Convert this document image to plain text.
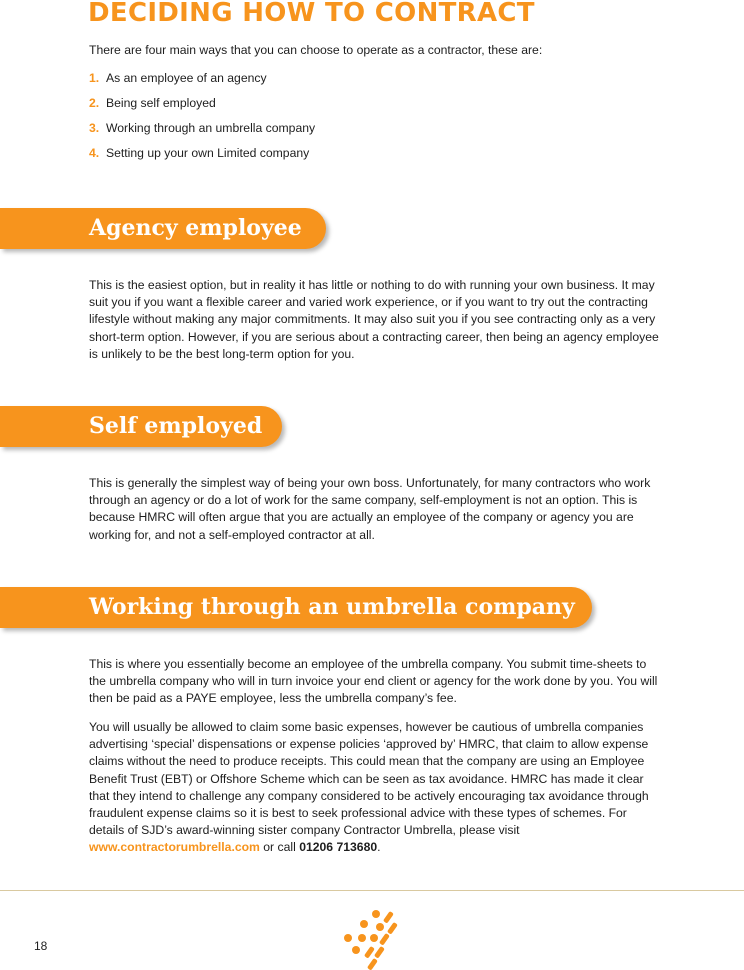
DECIDING HOW TO CONTRACT

There are four main ways that you can choose to operate as a contractor, these are:

1. As an employee of an agency
2. Being self employed
3. Working through an umbrella company
4. Setting up your own Limited company
Agency employee

This is the easiest option, but in reality it has little or nothing to do with running your own business. It may suit you if you want a flexible career and varied work experience, or if you want to try out the contracting lifestyle without making any major commitments. It may also suit you if you see contracting only as a very short-term option. However, if you are serious about a contracting career, then being an agency employee is unlikely to be the best long-term option for you.

Self employed

This is generally the simplest way of being your own boss. Unfortunately, for many contractors who work through an agency or do a lot of work for the same company, self-employment is not an option. This is because HMRC will often argue that you are actually an employee of the company or agency you are working for, and not a self-employed contractor at all.

Working through an umbrella company

This is where you essentially become an employee of the umbrella company. You submit time-sheets to the umbrella company who will in turn invoice your end client or agency for the work done by you. You will then be paid as a PAYE employee, less the umbrella company’s fee.

You will usually be allowed to claim some basic expenses, however be cautious of umbrella companies advertising ‘special’ dispensations or expense policies ‘approved by’ HMRC, that claim to allow expense claims without the need to produce receipts. This could mean that the company are using an Employee Benefit Trust (EBT) or Offshore Scheme which can be seen as tax avoidance. HMRC has made it clear that they intend to challenge any company considered to be actively encouraging tax avoidance through fraudulent expense claims so it is best to seek professional advice with these types of schemes. For details of SJD’s award-winning sister company Contractor Umbrella, please visit www.contractorumbrella.com or call 01206 713680.

18
